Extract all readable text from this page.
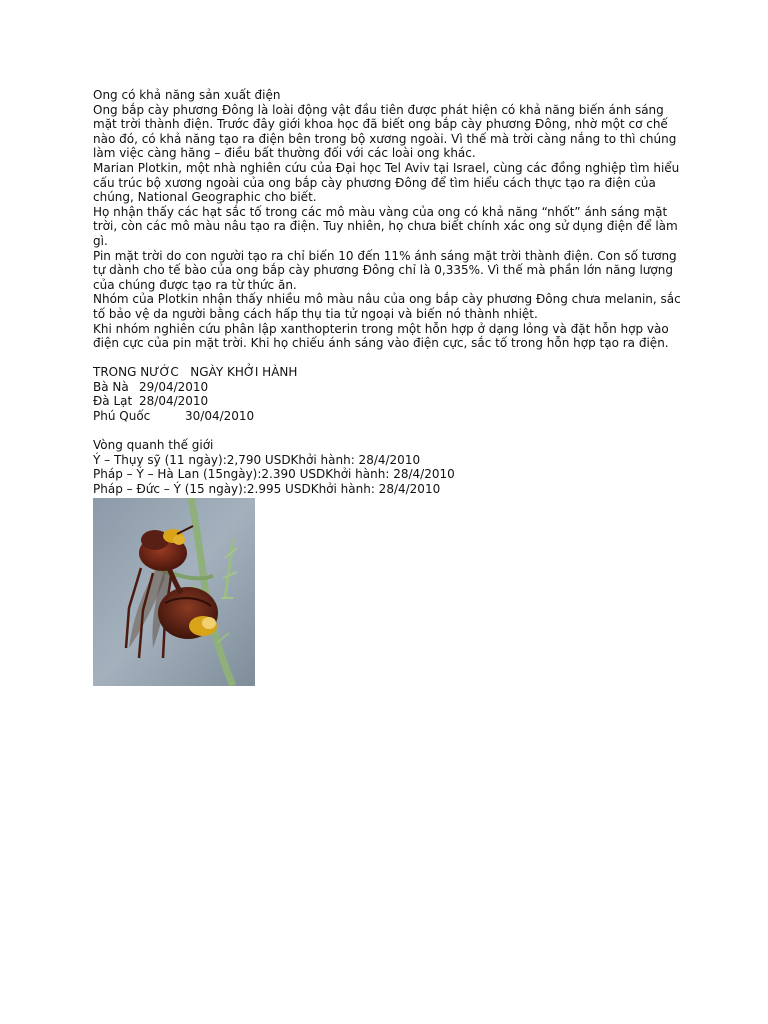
Ong có khả năng sản xuất điện

Ong bắp cày phương Đông là loài động vật đầu tiên được phát hiện có khả năng biến ánh sáng mặt trời thành điện. Trước đây giới khoa học đã biết ong bắp cày phương Đông, nhờ một cơ chế nào đó, có khả năng tạo ra điện bên trong bộ xương ngoài. Vì thế mà trời càng nắng to thì chúng làm việc càng hăng – điều bất thường đối với các loài ong khác.

Marian Plotkin, một nhà nghiên cứu của Đại học Tel Aviv tại Israel, cùng các đồng nghiệp tìm hiểu cấu trúc bộ xương ngoài của ong bắp cày phương Đông để tìm hiểu cách thực tạo ra điện của chúng, National Geographic cho biết.

Họ nhận thấy các hạt sắc tố trong các mô màu vàng của ong có khả năng “nhốt” ánh sáng mặt trời, còn các mô màu nâu tạo ra điện. Tuy nhiên, họ chưa biết chính xác ong sử dụng điện để làm gì.

Pin mặt trời do con người tạo ra chỉ biến 10 đến 11% ánh sáng mặt trời thành điện. Con số tương tự dành cho tế bào của ong bắp cày phương Đông chỉ là 0,335%. Vì thế mà phần lớn năng lượng của chúng được tạo ra từ thức ăn.

Nhóm của Plotkin nhận thấy nhiều mô màu nâu của ong bắp cày phương Đông chưa melanin, sắc tố bảo vệ da người bằng cách hấp thụ tia tử ngoại và biến nó thành nhiệt.

Khi nhóm nghiên cứu phân lập xanthopterin trong một hỗn hợp ở dạng lỏng và đặt hỗn hợp vào điện cực của pin mặt trời. Khi họ chiếu ánh sáng vào điện cực, sắc tố trong hỗn hợp tạo ra điện.

TRONG NƯỚC
NGÀY KHỞI HÀNH
Bà Nà 29/04/2010
Đà Lạt 28/04/2010
Phú Quốc	30/04/2010

Vòng quanh thế giới

Ý – Thụy sỹ (11 ngày):2,790 USDKhởi hành: 28/4/2010

Pháp – Ý – Hà Lan (15ngày):2.390 USDKhởi hành: 28/4/2010

Pháp – Đức – Ý (15 ngày):2.995 USDKhởi hành: 28/4/2010
